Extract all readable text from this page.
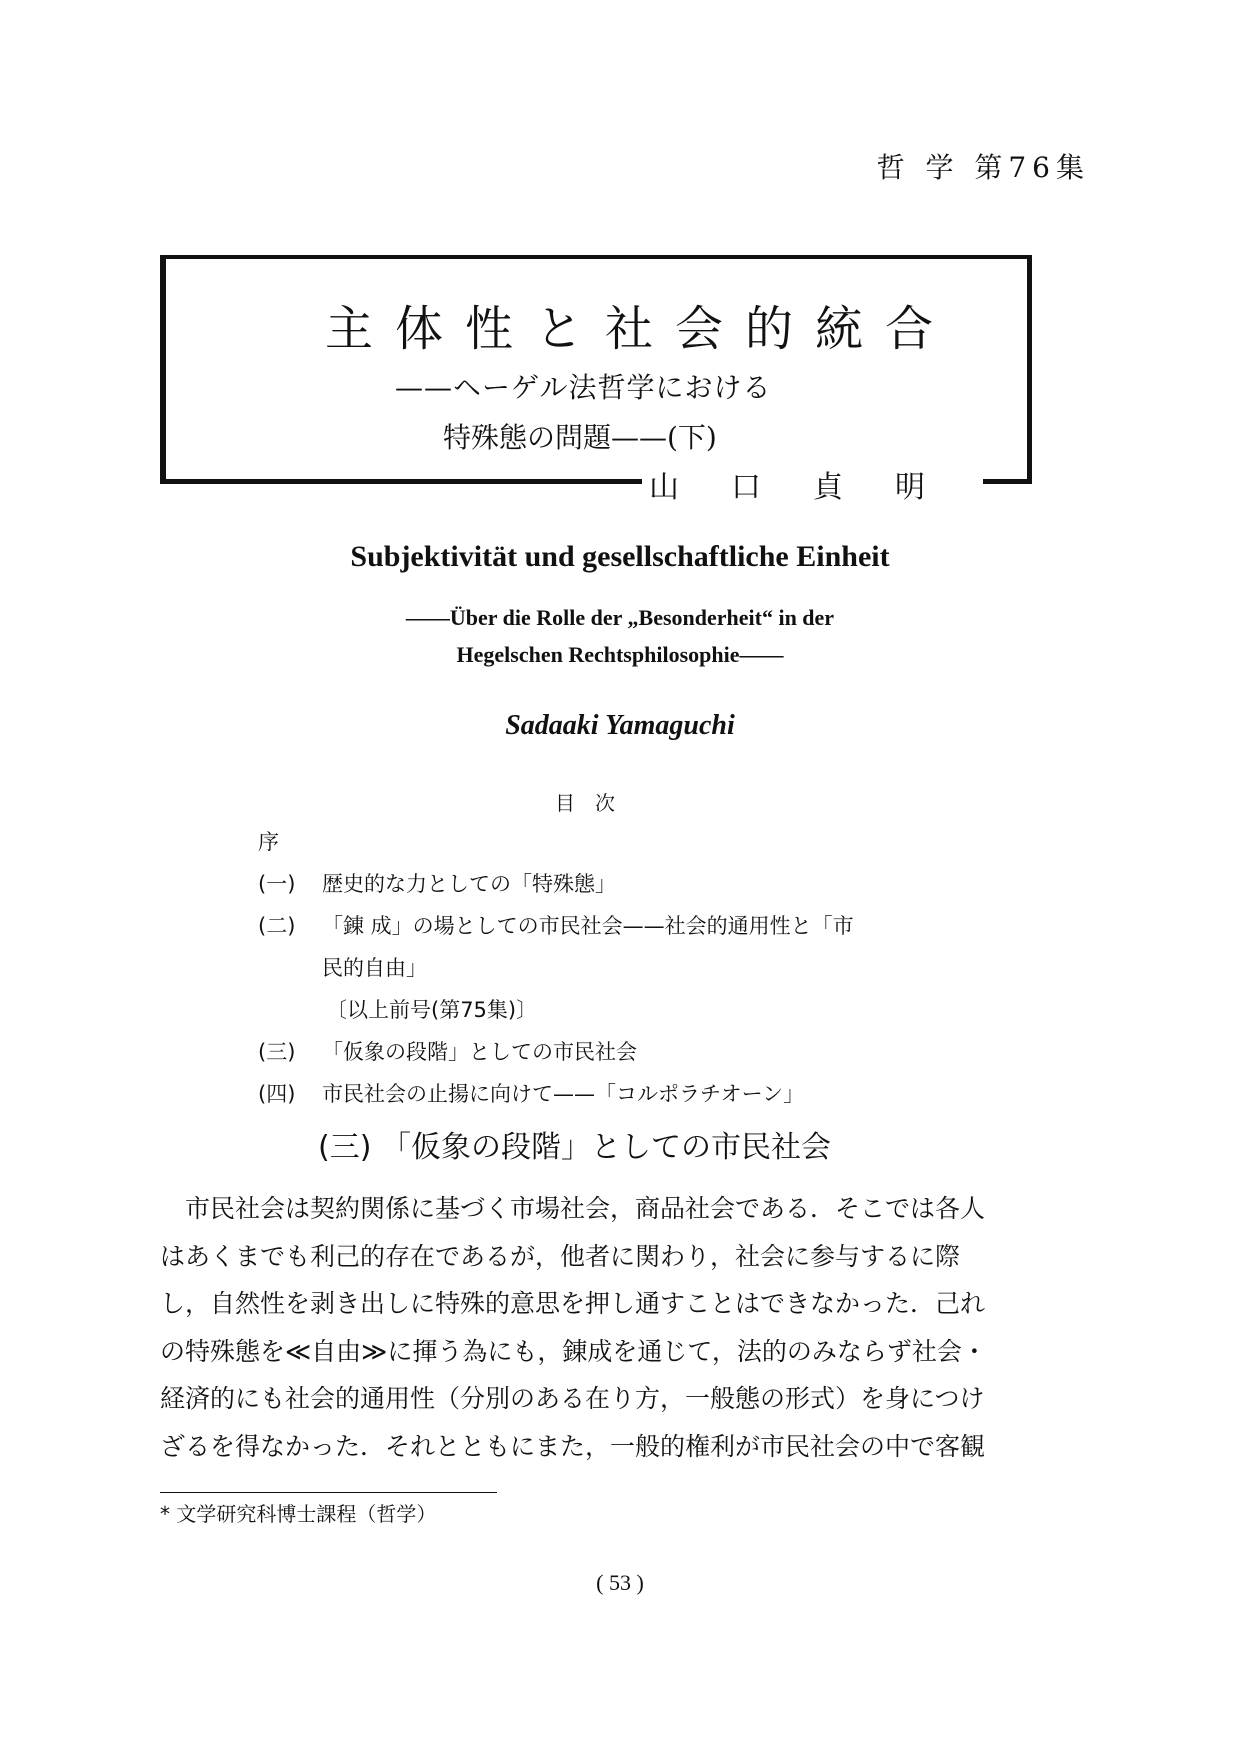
哲 学 第76集
主体性と社会的統合
——ヘーゲル法哲学における
特殊態の問題——(下)
山口貞明
Subjektivität und gesellschaftliche Einheit
——Über die Rolle der „Besonderheit“ in der
Hegelschen Rechtsphilosophie——
Sadaaki Yamaguchi
目次
序
(一)	歴史的な力としての「特殊態」
(二)	「錬 成」の場としての市民社会——社会的通用性と「市
民的自由」
〔以上前号(第75集)〕
(三)	「仮象の段階」としての市民社会
(四)	市民社会の止揚に向けて——「コルポラチオーン」
(三) 「仮象の段階」としての市民社会
市民社会は契約関係に基づく市場社会，商品社会である．そこでは各人
はあくまでも利己的存在であるが，他者に関わり，社会に参与するに際
し，自然性を剥き出しに特殊的意思を押し通すことはできなかった．己れ
の特殊態を≪自由≫に揮う為にも，錬成を通じて，法的のみならず社会・
経済的にも社会的通用性（分別のある在り方，一般態の形式）を身につけ
ざるを得なかった．それとともにまた，一般的権利が市民社会の中で客観
* 文学研究科博士課程（哲学）
( 53 )
